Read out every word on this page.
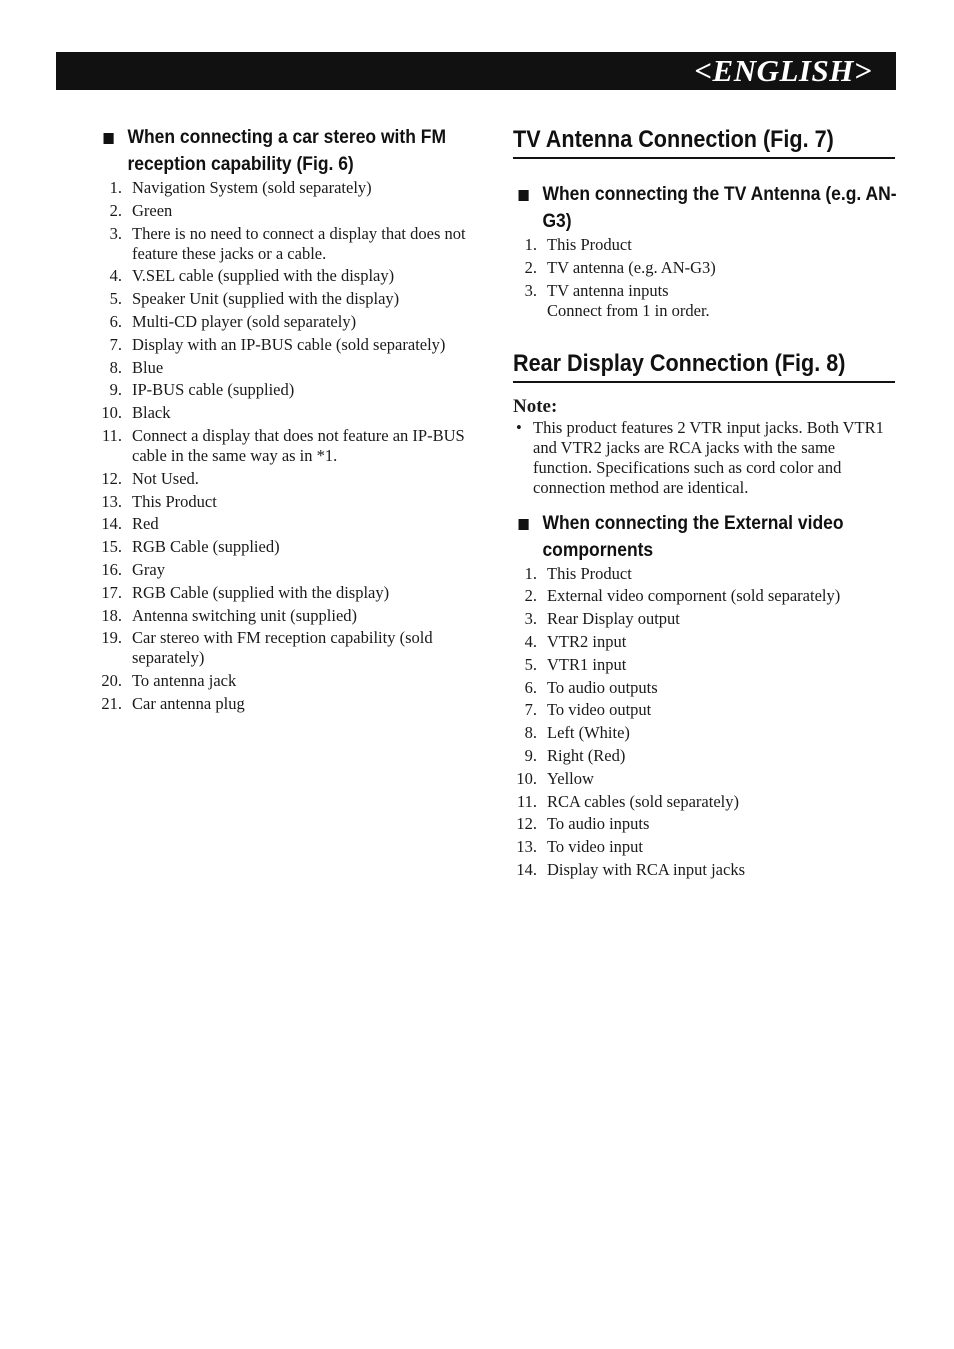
<ENGLISH>
When connecting a car stereo with FM reception capability (Fig. 6)
1. Navigation System (sold separately)
2. Green
3. There is no need to connect a display that does not feature these jacks or a cable.
4. V.SEL cable (supplied with the display)
5. Speaker Unit (supplied with the display)
6. Multi-CD player (sold separately)
7. Display with an IP-BUS cable (sold separately)
8. Blue
9. IP-BUS cable (supplied)
10. Black
11. Connect a display that does not feature an IP-BUS cable in the same way as in *1.
12. Not Used.
13. This Product
14. Red
15. RGB Cable (supplied)
16. Gray
17. RGB Cable (supplied with the display)
18. Antenna switching unit (supplied)
19. Car stereo with FM reception capability (sold separately)
20. To antenna jack
21. Car antenna plug
TV Antenna Connection (Fig. 7)
When connecting the TV Antenna (e.g. AN-G3)
1. This Product
2. TV antenna (e.g. AN-G3)
3. TV antenna inputs
Connect from 1 in order.
Rear Display Connection (Fig. 8)
Note:
• This product features 2 VTR input jacks. Both VTR1 and VTR2 jacks are RCA jacks with the same function. Specifications such as cord color and connection method are identical.
When connecting the External video compornents
1. This Product
2. External video compornent (sold separately)
3. Rear Display output
4. VTR2 input
5. VTR1 input
6. To audio outputs
7. To video output
8. Left (White)
9. Right (Red)
10. Yellow
11. RCA cables (sold separately)
12. To audio inputs
13. To video input
14. Display with RCA input jacks
